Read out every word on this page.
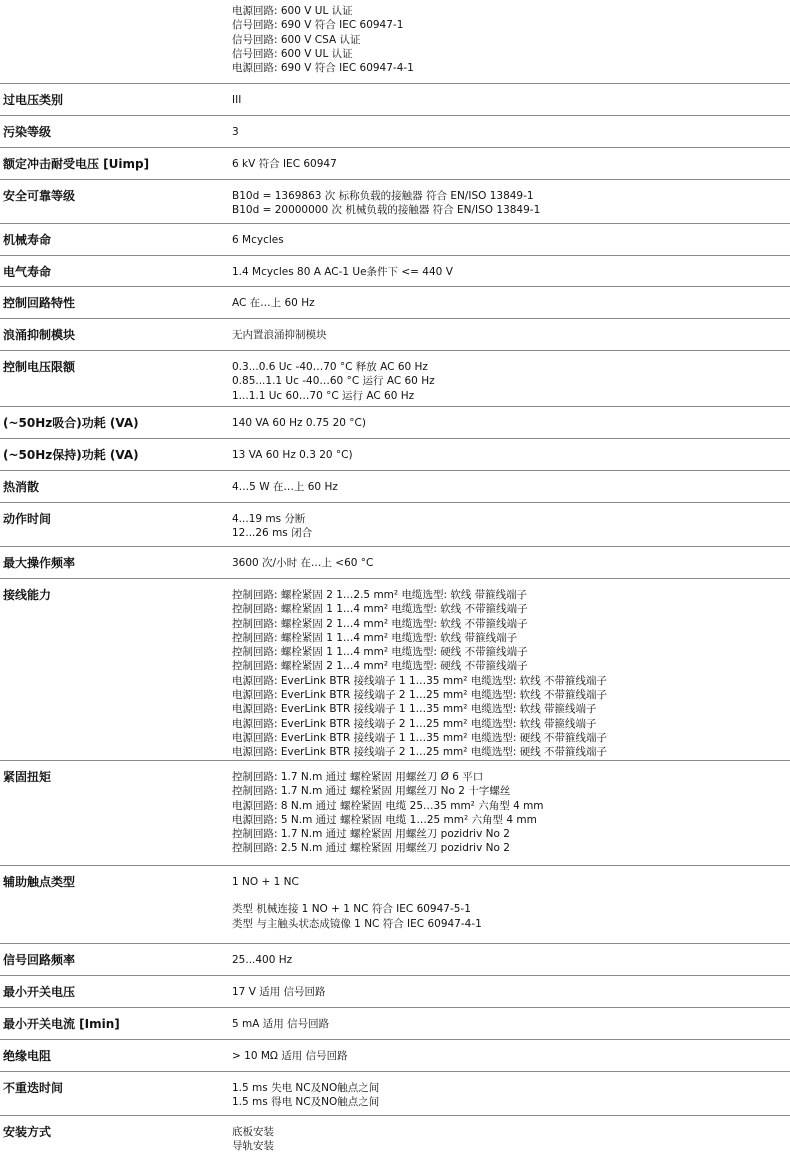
电源回路: 600 V UL 认证
信号回路: 690 V 符合 IEC 60947-1
信号回路: 600 V CSA 认证
信号回路: 600 V UL 认证
电源回路: 690 V 符合 IEC 60947-4-1
过电压类别	III
污染等级	3
额定冲击耐受电压 [Uimp]	6 kV 符合 IEC 60947
安全可靠等级	B10d = 1369863 次 标称负载的接触器 符合 EN/ISO 13849-1
B10d = 20000000 次 机械负载的接触器 符合 EN/ISO 13849-1
机械寿命	6 Mcycles
电气寿命	1.4 Mcycles 80 A AC-1 Ue条件下 <= 440 V
控制回路特性	AC 在…上 60 Hz
浪涌抑制模块	无内置浪涌抑制模块
控制电压限额	0.3...0.6 Uc -40…70 °C 释放 AC 60 Hz
0.85...1.1 Uc -40…60 °C 运行 AC 60 Hz
1...1.1 Uc 60…70 °C 运行 AC 60 Hz
(~50Hz吸合)功耗 (VA)	140 VA 60 Hz 0.75 20 °C)
(~50Hz保持)功耗 (VA)	13 VA 60 Hz 0.3 20 °C)
热消散	4…5 W 在…上 60 Hz
动作时间	4...19 ms 分断
12...26 ms 闭合
最大操作频率	3600 次/小时 在…上 <60 °C
接线能力	控制回路: 螺栓紧固 2 1…2.5 mm² 电缆选型: 软线 带箍线端子
控制回路: 螺栓紧固 1 1…4 mm² 电缆选型: 软线 不带箍线端子
控制回路: 螺栓紧固 2 1…4 mm² 电缆选型: 软线 不带箍线端子
控制回路: 螺栓紧固 1 1…4 mm² 电缆选型: 软线 带箍线端子
控制回路: 螺栓紧固 1 1…4 mm² 电缆选型: 硬线 不带箍线端子
控制回路: 螺栓紧固 2 1…4 mm² 电缆选型: 硬线 不带箍线端子
电源回路: EverLink BTR 接线端子 1 1…35 mm² 电缆选型: 软线 不带箍线端子
电源回路: EverLink BTR 接线端子 2 1…25 mm² 电缆选型: 软线 不带箍线端子
电源回路: EverLink BTR 接线端子 1 1…35 mm² 电缆选型: 软线 带箍线端子
电源回路: EverLink BTR 接线端子 2 1…25 mm² 电缆选型: 软线 带箍线端子
电源回路: EverLink BTR 接线端子 1 1…35 mm² 电缆选型: 硬线 不带箍线端子
电源回路: EverLink BTR 接线端子 2 1…25 mm² 电缆选型: 硬线 不带箍线端子
紧固扭矩	控制回路: 1.7 N.m 通过 螺栓紧固 用螺丝刀 Ø 6 平口
控制回路: 1.7 N.m 通过 螺栓紧固 用螺丝刀 No 2 十字螺丝
电源回路: 8 N.m 通过 螺栓紧固 电缆 25…35 mm² 六角型 4 mm
电源回路: 5 N.m 通过 螺栓紧固 电缆 1…25 mm² 六角型 4 mm
控制回路: 1.7 N.m 通过 螺栓紧固 用螺丝刀 pozidriv No 2
控制回路: 2.5 N.m 通过 螺栓紧固 用螺丝刀 pozidriv No 2
辅助触点类型	1 NO + 1 NC
类型 机械连接 1 NO + 1 NC 符合 IEC 60947-5-1
类型 与主触头状态成镜像 1 NC 符合 IEC 60947-4-1
信号回路频率	25...400 Hz
最小开关电压	17 V 适用 信号回路
最小开关电流 [Imin]	5 mA 适用 信号回路
绝缘电阻	> 10 MΩ 适用 信号回路
不重迭时间	1.5 ms 失电 NC及NO触点之间
1.5 ms 得电 NC及NO触点之间
安装方式	底板安装
导轨安装
